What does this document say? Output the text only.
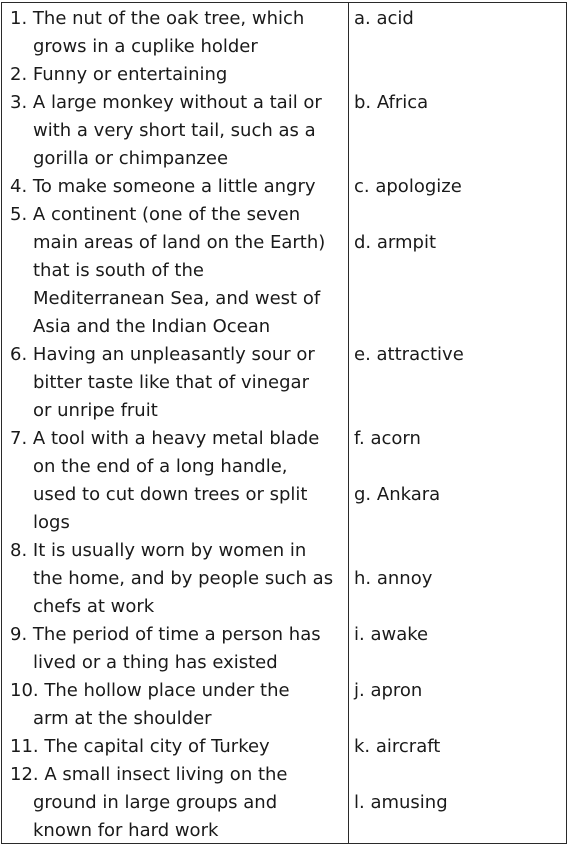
1. The nut of the oak tree, which
grows in a cuplike holder
2. Funny or entertaining
3. A large monkey without a tail or
with a very short tail, such as a
gorilla or chimpanzee
4. To make someone a little angry
5. A continent (one of the seven
main areas of land on the Earth)
that is south of the
Mediterranean Sea, and west of
Asia and the Indian Ocean
6. Having an unpleasantly sour or
bitter taste like that of vinegar
or unripe fruit
7. A tool with a heavy metal blade
on the end of a long handle,
used to cut down trees or split
logs
8. It is usually worn by women in
the home, and by people such as
chefs at work
9. The period of time a person has
lived or a thing has existed
10. The hollow place under the
arm at the shoulder
11. The capital city of Turkey
12. A small insect living on the
ground in large groups and
known for hard work
a. acid
b. Africa
c. apologize
d. armpit
e. attractive
f. acorn
g. Ankara
h. annoy
i. awake
j. apron
k. aircraft
l. amusing
